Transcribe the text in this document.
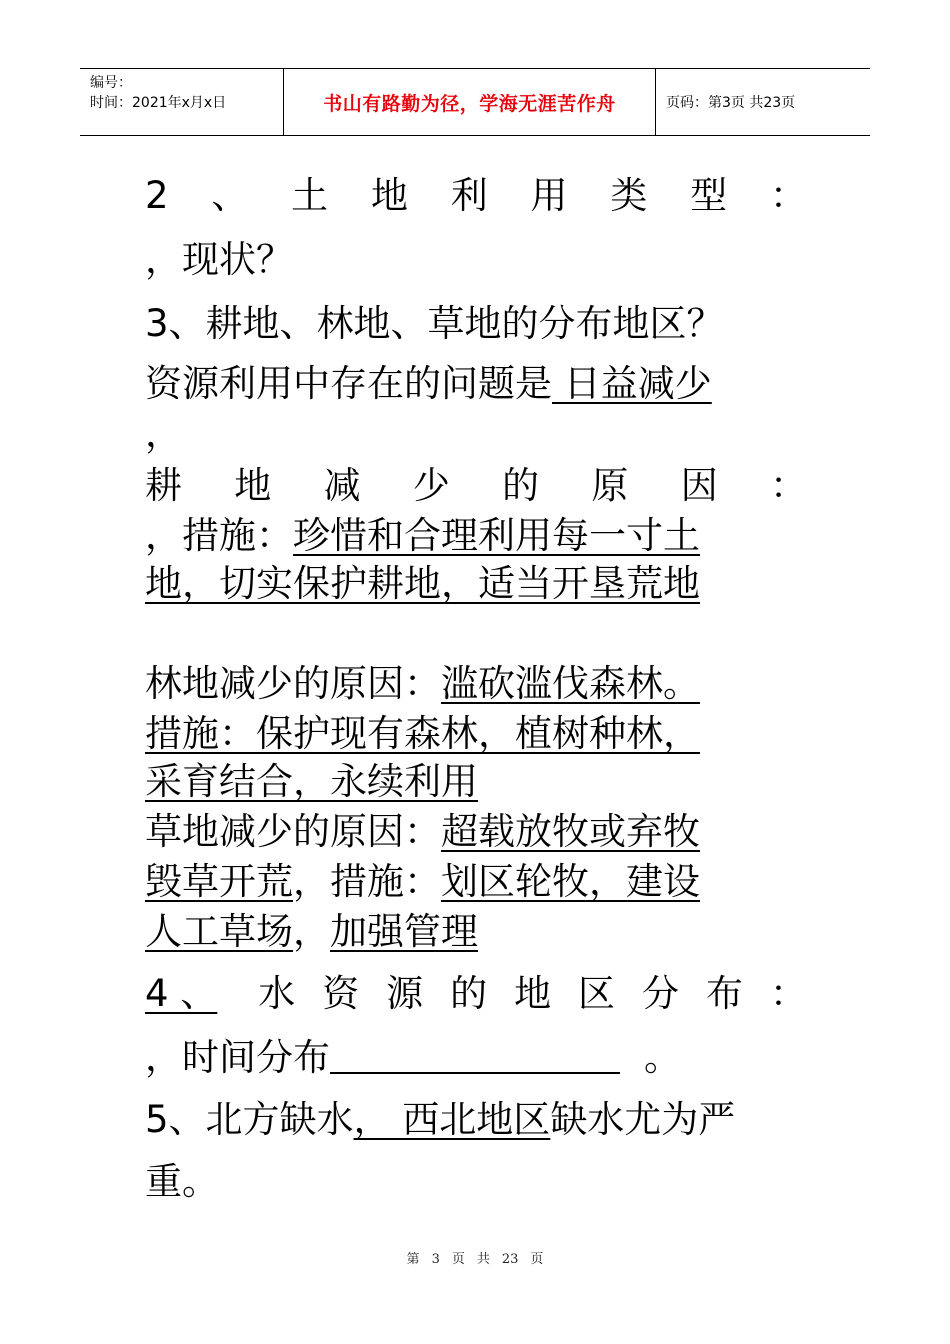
编号：
时间：2021年x月x日	书山有路勤为径，学海无涯苦作舟	页码：第3页 共23页
2 、 土 地 利 用 类 型 ：
，现状？
3、耕地、林地、草地的分布地区？
资源利用中存在的问题是 日益减少
，
耕 地 减 少 的 原 因 ：
，措施：珍惜和合理利用每一寸土
地，切实保护耕地，适当开垦荒地
林地减少的原因：滥砍滥伐森林。
措施：保护现有森林，植树种林，
采育结合，永续利用
草地减少的原因：超载放牧或弃牧
毁草开荒，措施：划区轮牧，建设
人工草场，加强管理
4 、	水 资 源 的 地 区 分 布 ：
，时间分布	。
5、北方缺水， 西北地区缺水尤为严
重。
第 3 页 共 23 页
